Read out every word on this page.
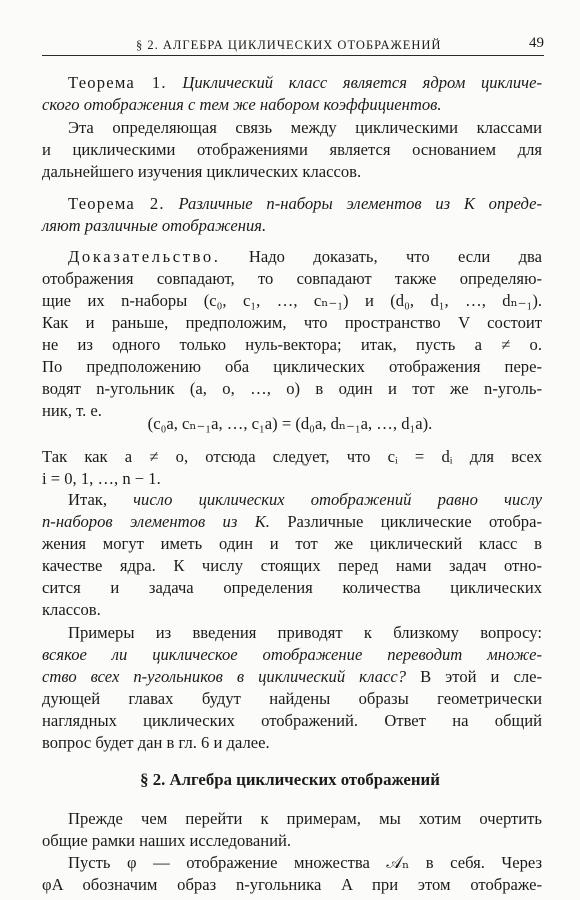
§ 2. АЛГЕБРА ЦИКЛИЧЕСКИХ ОТОБРАЖЕНИЙ	49
Теорема 1. Циклический класс является ядром цикличе-
ского отображения с тем же набором коэффициентов.
Эта определяющая связь между циклическими классами
и циклическими отображениями является основанием для
дальнейшего изучения циклических классов.
Теорема 2. Различные n-наборы элементов из K опреде-
ляют различные отображения.
Доказательство. Надо доказать, что если два
отображения совпадают, то совпадают также определяю-
щие их n-наборы (c₀, c₁, …, cₙ₋₁) и (d₀, d₁, …, dₙ₋₁).
Как и раньше, предположим, что пространство V состоит
не из одного только нуль-вектора; итак, пусть a ≠ o.
По предположению оба циклических отображения пере-
водят n-угольник (a, o, …, o) в один и тот же n-уголь-
ник, т. е.
(c₀a, cₙ₋₁a, …, c₁a) = (d₀a, dₙ₋₁a, …, d₁a).
Так как a ≠ o, отсюда следует, что cᵢ = dᵢ для всех
i = 0, 1, …, n − 1.
Итак, число циклических отображений равно числу
n-наборов элементов из K. Различные циклические отобра-
жения могут иметь один и тот же циклический класс в
качестве ядра. К числу стоящих перед нами задач отно-
сится и задача определения количества циклических
классов.
Примеры из введения приводят к близкому вопросу:
всякое ли циклическое отображение переводит множе-
ство всех n-угольников в циклический класс? В этой и сле-
дующей главах будут найдены образы геометрически
наглядных циклических отображений. Ответ на общий
вопрос будет дан в гл. 6 и далее.
§ 2. Алгебра циклических отображений
Прежде чем перейти к примерам, мы хотим очертить
общие рамки наших исследований.
Пусть φ — отображение множества 𝒜ₙ в себя. Через
φA обозначим образ n-угольника A при этом отображе-
